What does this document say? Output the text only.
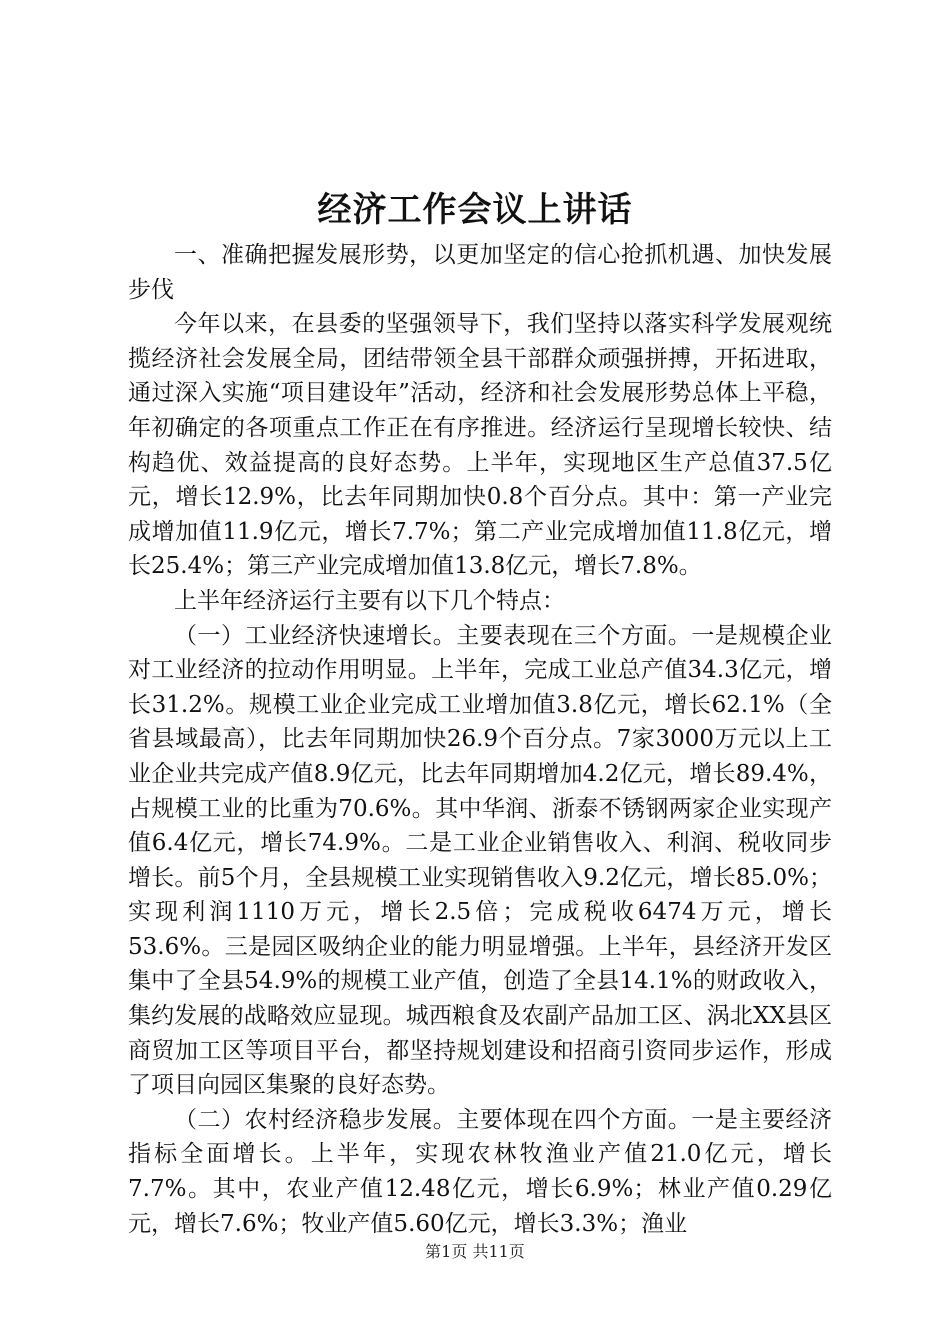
经济工作会议上讲话

一、准确把握发展形势，以更加坚定的信心抢抓机遇、加快发展步伐

今年以来，在县委的坚强领导下，我们坚持以落实科学发展观统揽经济社会发展全局，团结带领全县干部群众顽强拼搏，开拓进取，通过深入实施“项目建设年”活动，经济和社会发展形势总体上平稳，年初确定的各项重点工作正在有序推进。经济运行呈现增长较快、结构趋优、效益提高的良好态势。上半年，实现地区生产总值37.5亿元，增长12.9%，比去年同期加快0.8个百分点。其中：第一产业完成增加值11.9亿元，增长7.7%；第二产业完成增加值11.8亿元，增长25.4%；第三产业完成增加值13.8亿元，增长7.8%。

上半年经济运行主要有以下几个特点：

（一）工业经济快速增长。主要表现在三个方面。一是规模企业对工业经济的拉动作用明显。上半年，完成工业总产值34.3亿元，增长31.2%。规模工业企业完成工业增加值3.8亿元，增长62.1%（全省县域最高），比去年同期加快26.9个百分点。7家3000万元以上工业企业共完成产值8.9亿元，比去年同期增加4.2亿元，增长89.4%，占规模工业的比重为70.6%。其中华润、浙泰不锈钢两家企业实现产值6.4亿元，增长74.9%。二是工业企业销售收入、利润、税收同步增长。前5个月，全县规模工业实现销售收入9.2亿元，增长85.0%；实现利润1110万元，增长2.5倍；完成税收6474万元，增长53.6%。三是园区吸纳企业的能力明显增强。上半年，县经济开发区集中了全县54.9%的规模工业产值，创造了全县14.1%的财政收入，集约发展的战略效应显现。城西粮食及农副产品加工区、涡北XX县区商贸加工区等项目平台，都坚持规划建设和招商引资同步运作，形成了项目向园区集聚的良好态势。

（二）农村经济稳步发展。主要体现在四个方面。一是主要经济指标全面增长。上半年，实现农林牧渔业产值21.0亿元，增长7.7%。其中，农业产值12.48亿元，增长6.9%；林业产值0.29亿元，增长7.6%；牧业产值5.60亿元，增长3.3%；渔业

第1页 共11页
